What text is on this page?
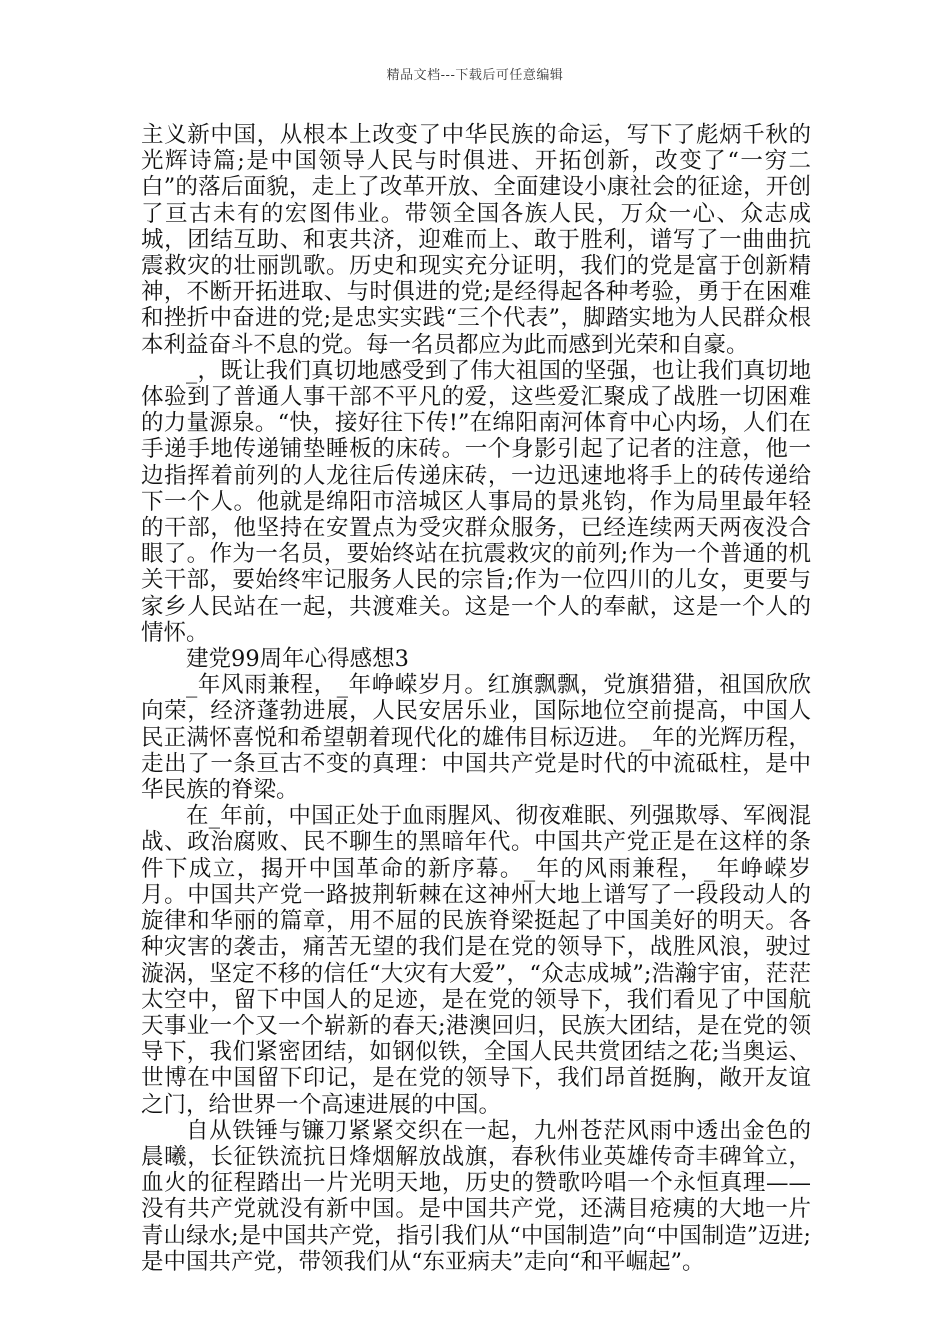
精品文档---下载后可任意编辑

主义新中国，从根本上改变了中华民族的命运，写下了彪炳千秋的光辉诗篇;是中国领导人民与时俱进、开拓创新，改变了“一穷二白”的落后面貌，走上了改革开放、全面建设小康社会的征途，开创了亘古未有的宏图伟业。带领全国各族人民，万众一心、众志成城，团结互助、和衷共济，迎难而上、敢于胜利，谱写了一曲曲抗震救灾的壮丽凯歌。历史和现实充分证明，我们的党是富于创新精神，不断开拓进取、与时俱进的党;是经得起各种考验，勇于在困难和挫折中奋进的党;是忠实实践“三个代表”，脚踏实地为人民群众根本利益奋斗不息的党。每一名员都应为此而感到光荣和自豪。

_，既让我们真切地感受到了伟大祖国的坚强，也让我们真切地体验到了普通人事干部不平凡的爱，这些爱汇聚成了战胜一切困难的力量源泉。“快，接好往下传!”在绵阳南河体育中心内场，人们在手递手地传递铺垫睡板的床砖。一个身影引起了记者的注意，他一边指挥着前列的人龙往后传递床砖，一边迅速地将手上的砖传递给下一个人。他就是绵阳市涪城区人事局的景兆钧，作为局里最年轻的干部，他坚持在安置点为受灾群众服务，已经连续两天两夜没合眼了。作为一名员，要始终站在抗震救灾的前列;作为一个普通的机关干部，要始终牢记服务人民的宗旨;作为一位四川的儿女，更要与家乡人民站在一起，共渡难关。这是一个人的奉献，这是一个人的情怀。

建党99周年心得感想3

_年风雨兼程，_年峥嵘岁月。红旗飘飘，党旗猎猎，祖国欣欣向荣，经济蓬勃进展，人民安居乐业，国际地位空前提高，中国人民正满怀喜悦和希望朝着现代化的雄伟目标迈进。_年的光辉历程，走出了一条亘古不变的真理：中国共产党是时代的中流砥柱，是中华民族的脊梁。

在_年前，中国正处于血雨腥风、彻夜难眠、列强欺辱、军阀混战、政治腐败、民不聊生的黑暗年代。中国共产党正是在这样的条件下成立，揭开中国革命的新序幕。_年的风雨兼程，_年峥嵘岁月。中国共产党一路披荆斩棘在这神州大地上谱写了一段段动人的旋律和华丽的篇章，用不屈的民族脊梁挺起了中国美好的明天。各种灾害的袭击，痛苦无望的我们是在党的领导下，战胜风浪，驶过漩涡，坚定不移的信任“大灾有大爱”，“众志成城”;浩瀚宇宙，茫茫太空中，留下中国人的足迹，是在党的领导下，我们看见了中国航天事业一个又一个崭新的春天;港澳回归，民族大团结，是在党的领导下，我们紧密团结，如钢似铁，全国人民共赏团结之花;当奥运、世博在中国留下印记，是在党的领导下，我们昂首挺胸，敞开友谊之门，给世界一个高速进展的中国。

自从铁锤与镰刀紧紧交织在一起，九州苍茫风雨中透出金色的晨曦，长征铁流抗日烽烟解放战旗，春秋伟业英雄传奇丰碑耸立，血火的征程踏出一片光明天地，历史的赞歌吟唱一个永恒真理——没有共产党就没有新中国。是中国共产党，还满目疮痍的大地一片青山绿水;是中国共产党，指引我们从“中国制造”向“中国制造”迈进;是中国共产党，带领我们从“东亚病夫”走向“和平崛起”。
